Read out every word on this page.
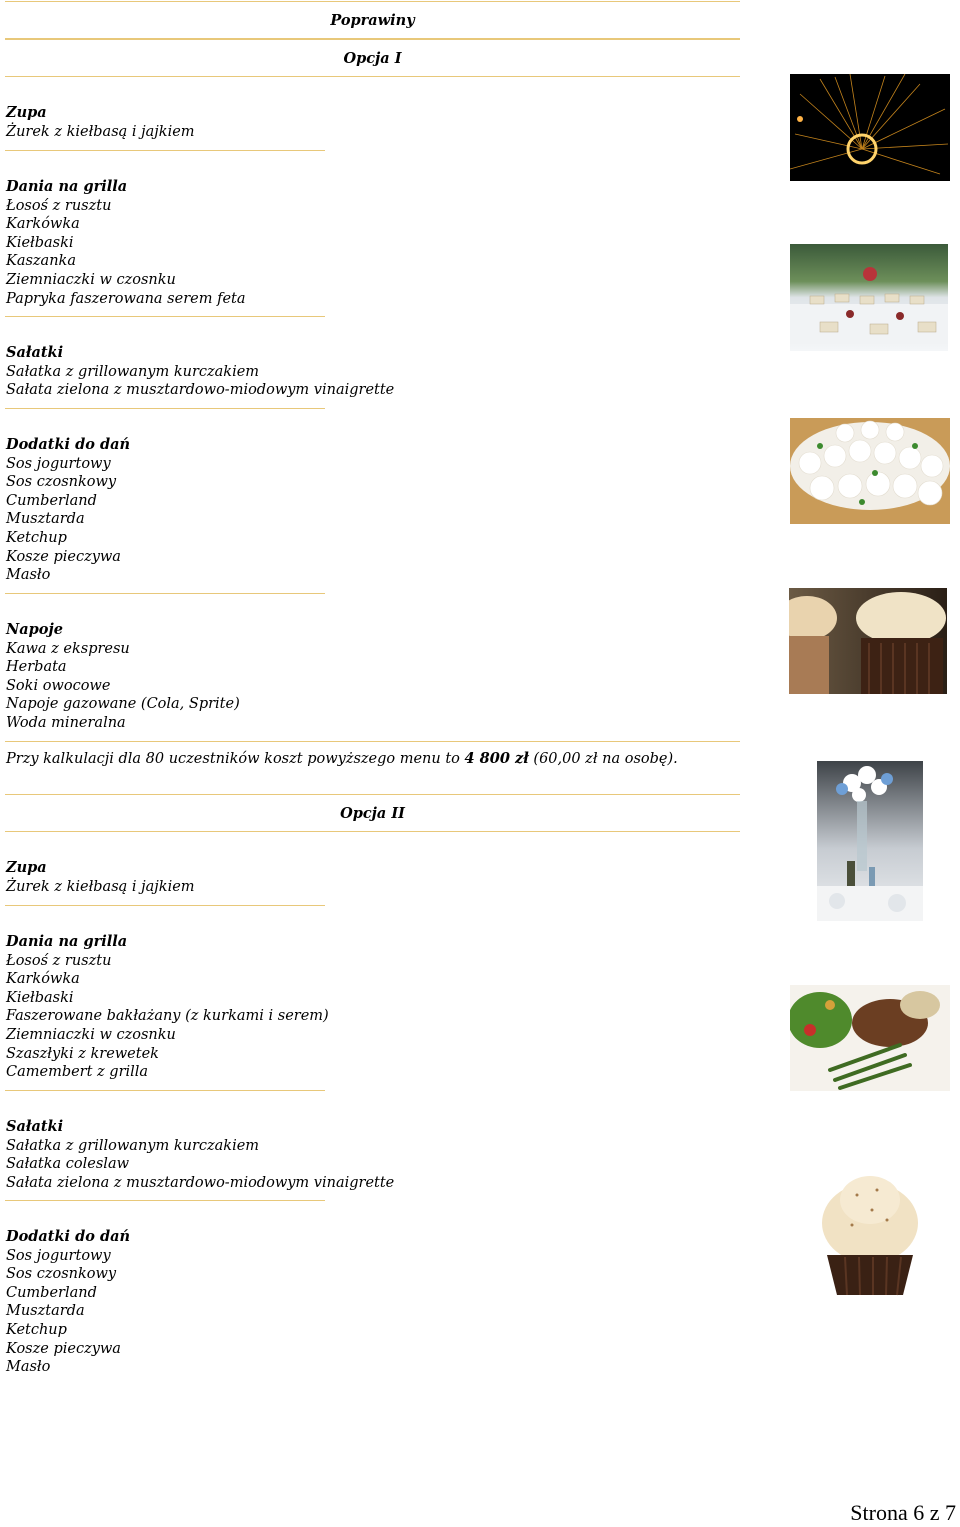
Poprawiny
Opcja I
Zupa
Żurek z kiełbasą i jajkiem
Dania na grilla
Łosoś z rusztu
Karkówka
Kiełbaski
Kaszanka
Ziemniaczki w czosnku
Papryka faszerowana serem feta
Sałatki
Sałatka z grillowanym kurczakiem
Sałata zielona z musztardowo-miodowym vinaigrette
Dodatki do dań
Sos jogurtowy
Sos czosnkowy
Cumberland
Musztarda
Ketchup
Kosze pieczywa
Masło
Napoje
Kawa z ekspresu
Herbata
Soki owocowe
Napoje gazowane (Cola, Sprite)
Woda mineralna
Przy kalkulacji dla 80 uczestników koszt powyższego menu to 4 800 zł (60,00 zł na osobę).
Opcja II
Zupa
Żurek z kiełbasą i jajkiem
Dania na grilla
Łosoś z rusztu
Karkówka
Kiełbaski
Faszerowane bakłażany (z kurkami i serem)
Ziemniaczki w czosnku
Szaszłyki z krewetek
Camembert z grilla
Sałatki
Sałatka z grillowanym kurczakiem
Sałatka coleslaw
Sałata zielona z musztardowo-miodowym vinaigrette
Dodatki do dań
Sos jogurtowy
Sos czosnkowy
Cumberland
Musztarda
Ketchup
Kosze pieczywa
Masło
Strona 6 z 7
